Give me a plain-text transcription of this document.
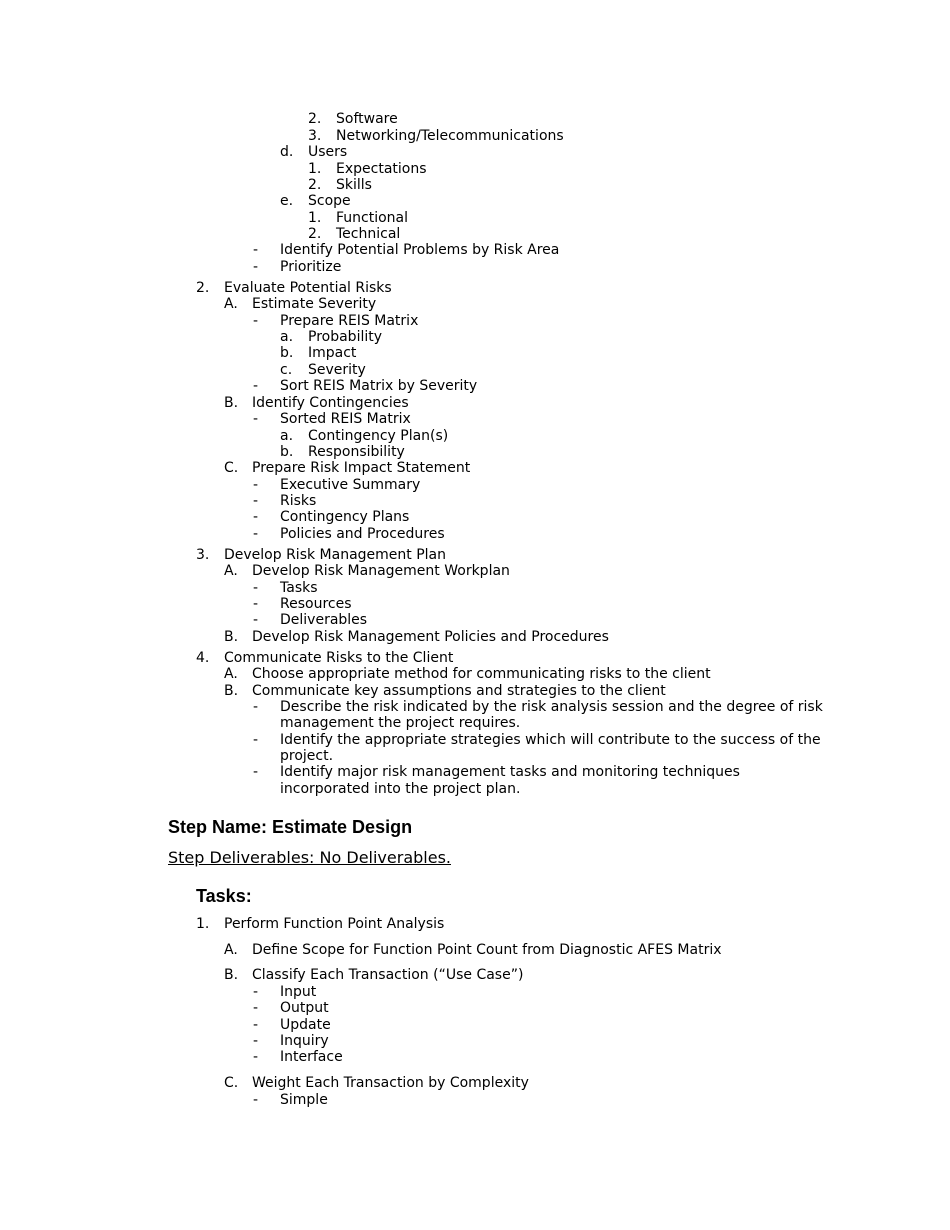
2. Software
3. Networking/Telecommunications
d. Users
1. Expectations
2. Skills
e. Scope
1. Functional
2. Technical
- Identify Potential Problems by Risk Area
- Prioritize
2. Evaluate Potential Risks
A. Estimate Severity
- Prepare REIS Matrix
a. Probability
b. Impact
c. Severity
- Sort REIS Matrix by Severity
B. Identify Contingencies
- Sorted REIS Matrix
a. Contingency Plan(s)
b. Responsibility
C. Prepare Risk Impact Statement
- Executive Summary
- Risks
- Contingency Plans
- Policies and Procedures
3. Develop Risk Management Plan
A. Develop Risk Management Workplan
- Tasks
- Resources
- Deliverables
B. Develop Risk Management Policies and Procedures
4. Communicate Risks to the Client
A. Choose appropriate method for communicating risks to the client
B. Communicate key assumptions and strategies to the client
- Describe the risk indicated by the risk analysis session and the degree of risk
management the project requires.
- Identify the appropriate strategies which will contribute to the success of the
project.
- Identify major risk management tasks and monitoring techniques
incorporated into the project plan.
Step Name: Estimate Design
Step Deliverables: No Deliverables.
Tasks:
1. Perform Function Point Analysis
A. Define Scope for Function Point Count from Diagnostic AFES Matrix
B. Classify Each Transaction (“Use Case”)
- Input
- Output
- Update
- Inquiry
- Interface
C. Weight Each Transaction by Complexity
- Simple
